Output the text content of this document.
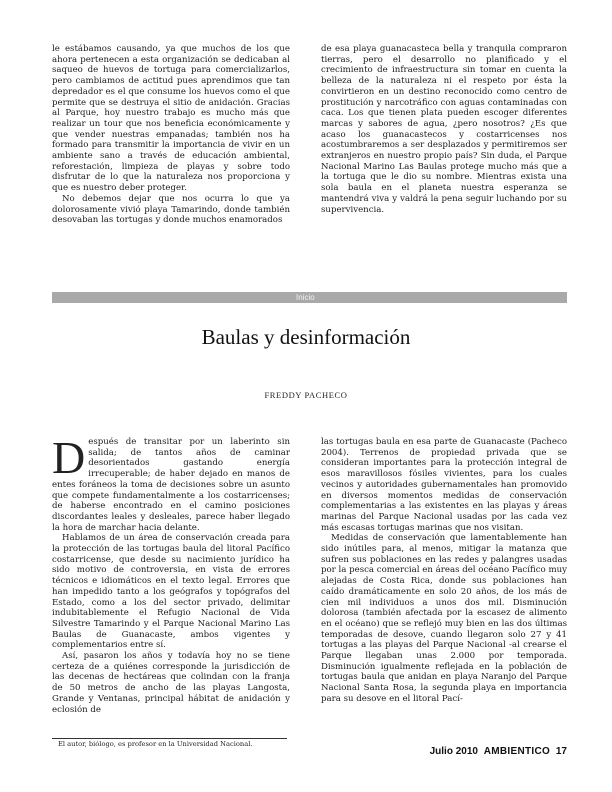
le estábamos causando, ya que muchos de los que ahora pertenecen a esta organización se dedicaban al saqueo de huevos de tortuga para comercializarlos, pero cambiamos de actitud pues aprendimos que tan depredador es el que consume los huevos como el que permite que se destruya el sitio de anidación. Gracias al Parque, hoy nuestro trabajo es mucho más que realizar un tour que nos beneficia económicamente y que vender nuestras empanadas; también nos ha formado para transmitir la importancia de vivir en un ambiente sano a través de educación ambiental, reforestación, limpieza de playas y sobre todo disfrutar de lo que la naturaleza nos proporciona y que es nuestro deber proteger.

No debemos dejar que nos ocurra lo que ya dolorosamente vivió playa Tamarindo, donde también desovaban las tortugas y donde muchos enamorados

de esa playa guanacasteca bella y tranquila compraron tierras, pero el desarrollo no planificado y el crecimiento de infraestructura sin tomar en cuenta la belleza de la naturaleza ni el respeto por ésta la convirtieron en un destino reconocido como centro de prostitución y narcotráfico con aguas contaminadas con caca. Los que tienen plata pueden escoger diferentes marcas y sabores de agua, ¿pero nosotros? ¿Es que acaso los guanacastecos y costarricenses nos acostumbraremos a ser desplazados y permitiremos ser extranjeros en nuestro propio país? Sin duda, el Parque Nacional Marino Las Baulas protege mucho más que a la tortuga que le dio su nombre. Mientras exista una sola baula en el planeta nuestra esperanza se mantendrá viva y valdrá la pena seguir luchando por su supervivencia.

Inicio
Baulas y desinformación
FREDDY PACHECO

Después de transitar por un laberinto sin salida; de tantos años de caminar desorientados gastando energía irrecuperable; de haber dejado en manos de entes foráneos la toma de decisiones sobre un asunto que compete fundamentalmente a los costarricenses; de haberse encontrado en el camino posiciones discordantes leales y desleales, parece haber llegado la hora de marchar hacia delante.

Hablamos de un área de conservación creada para la protección de las tortugas baula del litoral Pacífico costarricense, que desde su nacimiento jurídico ha sido motivo de controversia, en vista de errores técnicos e idiomáticos en el texto legal. Errores que han impedido tanto a los geógrafos y topógrafos del Estado, como a los del sector privado, delimitar indubitablemente el Refugio Nacional de Vida Silvestre Tamarindo y el Parque Nacional Marino Las Baulas de Guanacaste, ambos vigentes y complementarios entre sí.

Así, pasaron los años y todavía hoy no se tiene certeza de a quiénes corresponde la jurisdicción de las decenas de hectáreas que colindan con la franja de 50 metros de ancho de las playas Langosta, Grande y Ventanas, principal hábitat de anidación y eclosión de

las tortugas baula en esa parte de Guanacaste (Pacheco 2004). Terrenos de propiedad privada que se consideran importantes para la protección integral de esos maravillosos fósiles vivientes, para los cuales vecinos y autoridades gubernamentales han promovido en diversos momentos medidas de conservación complementarias a las existentes en las playas y áreas marinas del Parque Nacional usadas por las cada vez más escasas tortugas marinas que nos visitan.

Medidas de conservación que lamentablemente han sido inútiles para, al menos, mitigar la matanza que sufren sus poblaciones en las redes y palangres usadas por la pesca comercial en áreas del océano Pacífico muy alejadas de Costa Rica, donde sus poblaciones han caído dramáticamente en solo 20 años, de los más de cien mil individuos a unos dos mil. Disminución dolorosa (también afectada por la escasez de alimento en el océano) que se reflejó muy bien en las dos últimas temporadas de desove, cuando llegaron solo 27 y 41 tortugas a las playas del Parque Nacional -al crearse el Parque llegaban unas 2.000 por temporada. Disminución igualmente reflejada en la población de tortugas baula que anidan en playa Naranjo del Parque Nacional Santa Rosa, la segunda playa en importancia para su desove en el litoral Pací-

El autor, biólogo, es profesor en la Universidad Nacional.
Julio 2010 AMBIENTICO 17
